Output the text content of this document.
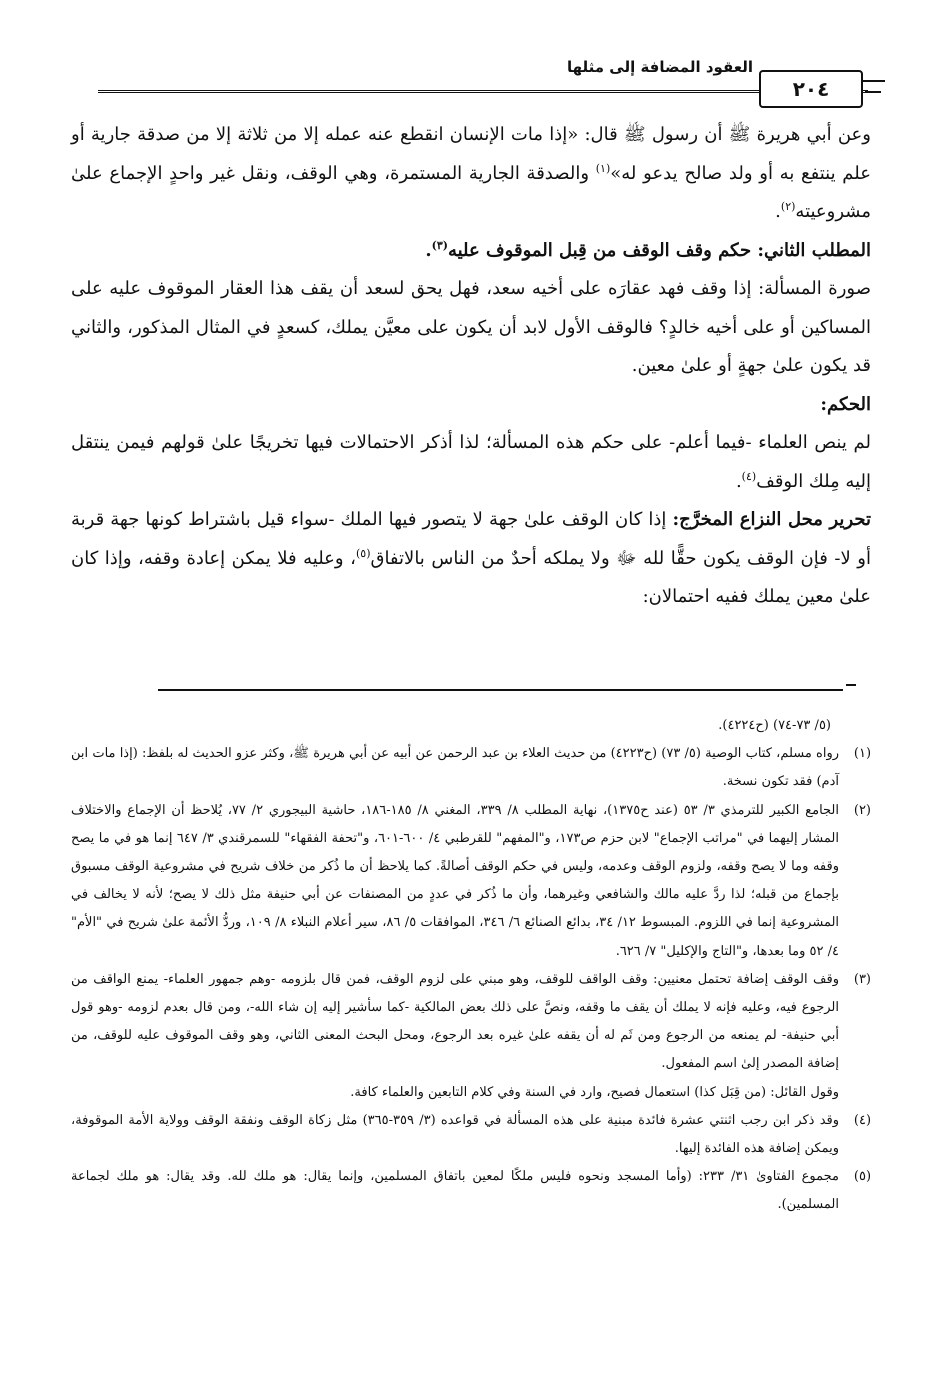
العقود المضافة إلى مثلها
٢٠٤

وعن أبي هريرة ﷺ أن رسول ﷺ قال: «إذا مات الإنسان انقطع عنه عمله إلا من ثلاثة إلا من صدقة جارية أو علم ينتفع به أو ولد صالح يدعو له»$^{(١)}$ والصدقة الجارية المستمرة، وهي الوقف، ونقل غير واحدٍ الإجماع علىٰ مشروعيته$^{(٢)}$.

المطلب الثاني: حكم وقف الوقف من قِبل الموقوف عليه$^{(٣)}$.

صورة المسألة: إذا وقف فهد عقارَه على أخيه سعد، فهل يحق لسعد أن يقف هذا العقار الموقوف عليه على المساكين أو على أخيه خالدٍ؟ فالوقف الأول لابد أن يكون على معيَّن يملك، كسعدٍ في المثال المذكور، والثاني قد يكون علىٰ جهةٍ أو علىٰ معين.

الحكم:

لم ينص العلماء -فيما أعلم- على حكم هذه المسألة؛ لذا أذكر الاحتمالات فيها تخريجًا علىٰ قولهم فيمن ينتقل إليه مِلك الوقف$^{(٤)}$.

تحرير محل النزاع المخرَّج: إذا كان الوقف علىٰ جهة لا يتصور فيها الملك -سواء قيل باشتراط كونها جهة قربة أو لا- فإن الوقف يكون حقًّا لله ﷻ ولا يملكه أحدٌ من الناس بالاتفاق$^{(٥)}$، وعليه فلا يمكن إعادة وقفه، وإذا كان علىٰ معين يملك ففيه احتمالان:

(٥/ ٧٣-٧٤) (ح٤٢٢٤).

(١)رواه مسلم، كتاب الوصية (٥/ ٧٣) (ح٤٢٢٣) من حديث العلاء بن عبد الرحمن عن أبيه عن أبي هريرة ﷺ، وكثر عزو الحديث له بلفظ: (إذا مات ابن آدم) فقد تكون نسخة.

(٢)الجامع الكبير للترمذي ٣/ ٥٣ (عند ح١٣٧٥)، نهاية المطلب ٨/ ٣٣٩، المغني ٨/ ١٨٥-١٨٦، حاشية البيجوري ٢/ ٧٧، يُلاحظ أن الإجماع والاختلاف المشار إليهما في "مراتب الإجماع" لابن حزم ص١٧٣، و"المفهم" للقرطبي ٤/ ٦٠٠-٦٠١، و"تحفة الفقهاء" للسمرقندي ٣/ ٦٤٧ إنما هو في ما يصح وقفه وما لا يصح وقفه، ولزوم الوقف وعدمه، وليس في حكم الوقف أصالةً. كما يلاحظ أن ما ذُكر من خلاف شريح في مشروعية الوقف مسبوق بإجماع من قبله؛ لذا ردَّ عليه مالك والشافعي وغيرهما، وأن ما ذُكر في عددٍ من المصنفات عن أبي حنيفة مثل ذلك لا يصح؛ لأنه لا يخالف في المشروعية إنما في اللزوم. المبسوط ١٢/ ٣٤، بدائع الصنائع ٦/ ٣٤٦، الموافقات ٥/ ٨٦، سير أعلام النبلاء ٨/ ١٠٩، وردُّ الأئمة علىٰ شريح في "الأم" ٤/ ٥٢ وما بعدها، و"التاج والإكليل" ٧/ ٦٢٦.

(٣)وقف الوقف إضافة تحتمل معنيين: وقف الواقف للوقف، وهو مبني على لزوم الوقف، فمن قال بلزومه -وهم جمهور العلماء- يمنع الواقف من الرجوع فيه، وعليه فإنه لا يملك أن يقف ما وقفه، ونصَّ على ذلك بعض المالكية -كما سأشير إليه إن شاء الله-، ومن قال بعدم لزومه -وهو قول أبي حنيفة- لم يمنعه من الرجوع ومن ثَم له أن يقفه علىٰ غيره بعد الرجوع، ومحل البحث المعنى الثاني، وهو وقف الموقوف عليه للوقف، من إضافة المصدر إلىٰ اسم المفعول.

وقول القائل: (من قِبَل كذا) استعمال فصيح، وارد في السنة وفي كلام التابعين والعلماء كافة.

(٤)وقد ذكر ابن رجب اثنتي عشرة فائدة مبنية على هذه المسألة في قواعده (٣/ ٣٥٩-٣٦٥) مثل زكاة الوقف ونفقة الوقف وولاية الأمة الموقوفة، ويمكن إضافة هذه الفائدة إليها.

(٥)مجموع الفتاوىٰ ٣١/ ٢٣٣: (وأما المسجد ونحوه فليس ملكًا لمعين باتفاق المسلمين، وإنما يقال: هو ملك لله. وقد يقال: هو ملك لجماعة المسلمين).
